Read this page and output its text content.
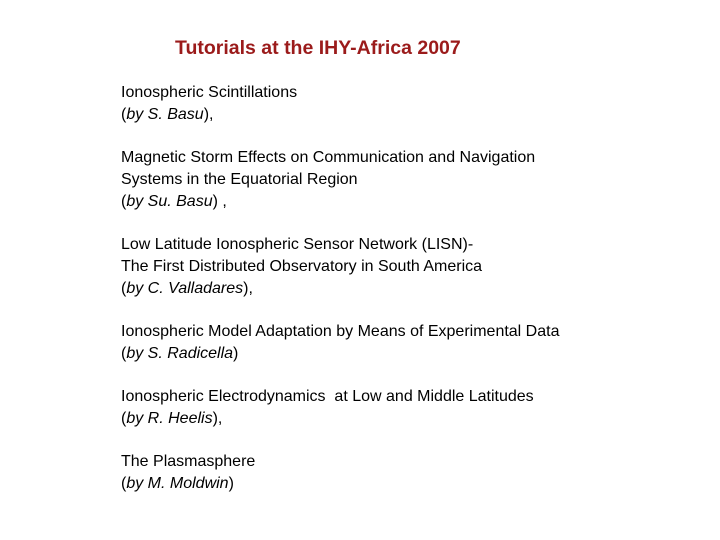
Tutorials at the IHY-Africa 2007
Ionospheric Scintillations
(by S. Basu),
Magnetic Storm Effects on Communication and Navigation
Systems in the Equatorial Region
(by Su. Basu) ,
Low Latitude Ionospheric Sensor Network (LISN)-
The First Distributed Observatory in South America
(by C. Valladares),
Ionospheric Model Adaptation by Means of Experimental Data
(by S. Radicella)
Ionospheric Electrodynamics  at Low and Middle Latitudes
(by R. Heelis),
The Plasmasphere
(by M. Moldwin)
